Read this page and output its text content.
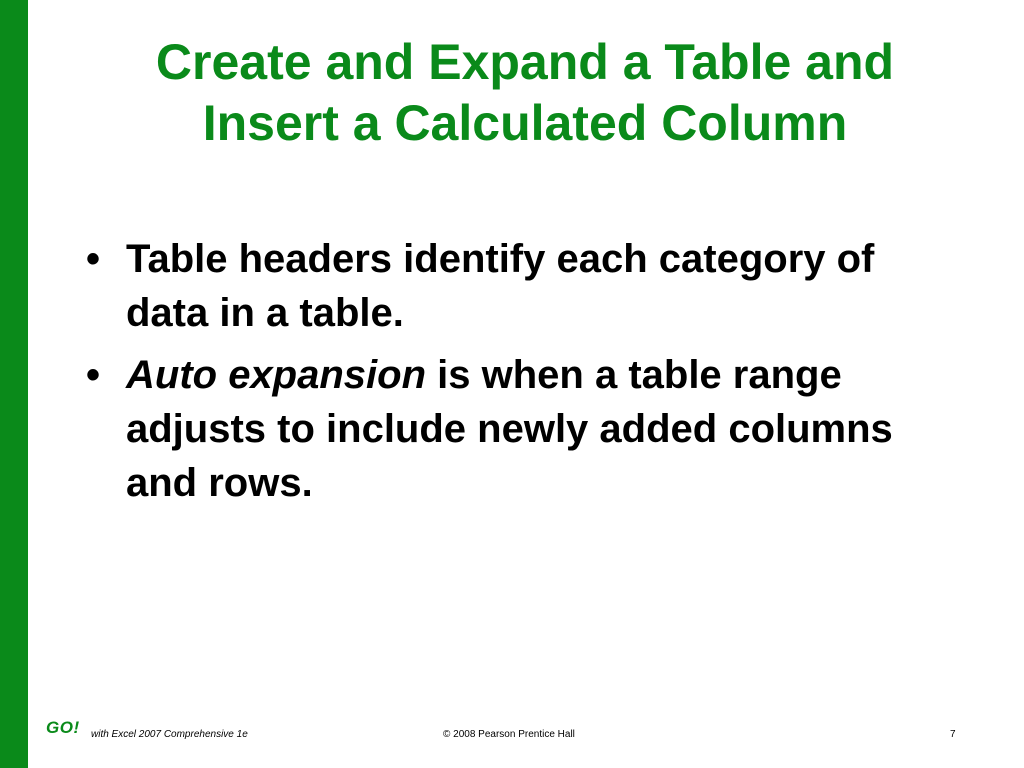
Create and Expand a Table and
Insert a Calculated Column
• Table headers identify each category of data in a table.
• Auto expansion is when a table range adjusts to include newly added columns and rows.
GO! with Excel 2007 Comprehensive 1e	© 2008 Pearson Prentice Hall	7
